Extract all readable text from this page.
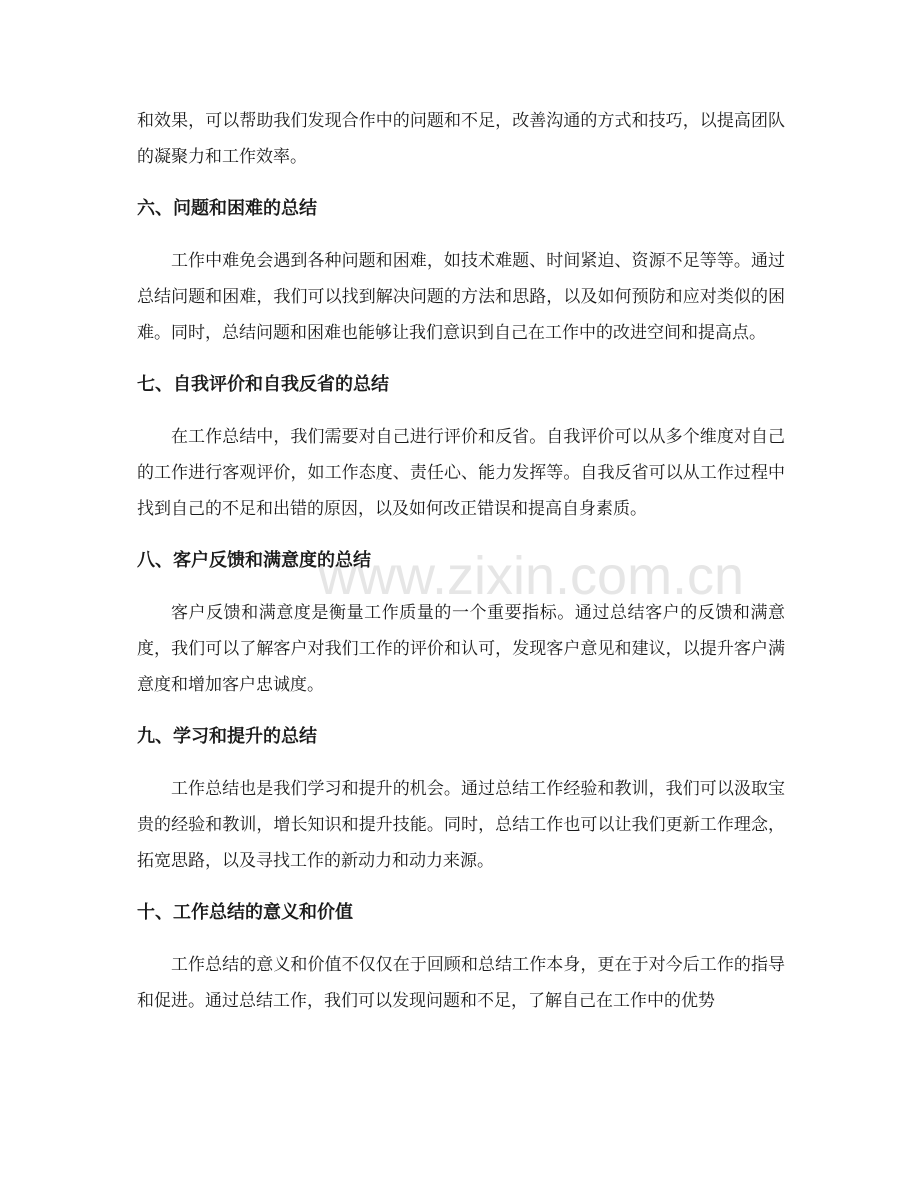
www.zixin.com.cn

和效果，可以帮助我们发现合作中的问题和不足，改善沟通的方式和技巧，以提高团队的凝聚力和工作效率。

六、问题和困难的总结

工作中难免会遇到各种问题和困难，如技术难题、时间紧迫、资源不足等等。通过总结问题和困难，我们可以找到解决问题的方法和思路，以及如何预防和应对类似的困难。同时，总结问题和困难也能够让我们意识到自己在工作中的改进空间和提高点。

七、自我评价和自我反省的总结

在工作总结中，我们需要对自己进行评价和反省。自我评价可以从多个维度对自己的工作进行客观评价，如工作态度、责任心、能力发挥等。自我反省可以从工作过程中找到自己的不足和出错的原因，以及如何改正错误和提高自身素质。

八、客户反馈和满意度的总结

客户反馈和满意度是衡量工作质量的一个重要指标。通过总结客户的反馈和满意度，我们可以了解客户对我们工作的评价和认可，发现客户意见和建议，以提升客户满意度和增加客户忠诚度。

九、学习和提升的总结

工作总结也是我们学习和提升的机会。通过总结工作经验和教训，我们可以汲取宝贵的经验和教训，增长知识和提升技能。同时，总结工作也可以让我们更新工作理念，拓宽思路，以及寻找工作的新动力和动力来源。

十、工作总结的意义和价值

工作总结的意义和价值不仅仅在于回顾和总结工作本身，更在于对今后工作的指导和促进。通过总结工作，我们可以发现问题和不足，了解自己在工作中的优势
